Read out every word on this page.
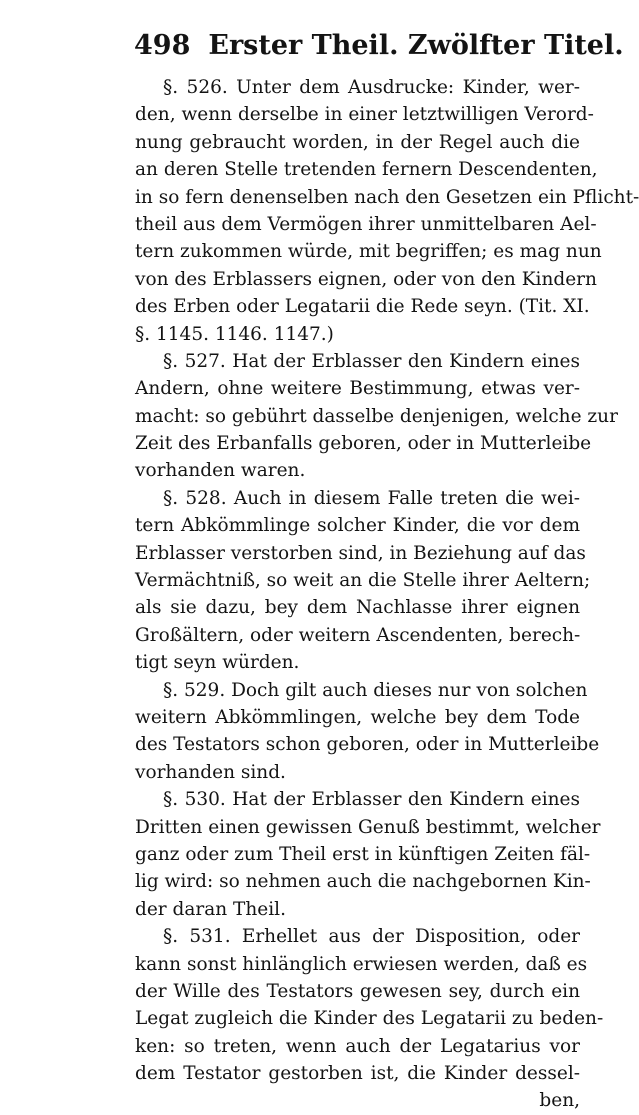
498 Erster Theil. Zwölfter Titel.
§. 526. Unter dem Ausdrucke: Kinder, wer-
den, wenn derselbe in einer letztwilligen Verord-
nung gebraucht worden, in der Regel auch die
an deren Stelle tretenden fernern Descendenten,
in so fern denenselben nach den Gesetzen ein Pflicht-
theil aus dem Vermögen ihrer unmittelbaren Ael-
tern zukommen würde, mit begriffen; es mag nun
von des Erblassers eignen, oder von den Kindern
des Erben oder Legatarii die Rede seyn. (Tit. XI.
§. 1145. 1146. 1147.)
§. 527. Hat der Erblasser den Kindern eines
Andern, ohne weitere Bestimmung, etwas ver-
macht: so gebührt dasselbe denjenigen, welche zur
Zeit des Erbanfalls geboren, oder in Mutterleibe
vorhanden waren.
§. 528. Auch in diesem Falle treten die wei-
tern Abkömmlinge solcher Kinder, die vor dem
Erblasser verstorben sind, in Beziehung auf das
Vermächtniß, so weit an die Stelle ihrer Aeltern;
als sie dazu, bey dem Nachlasse ihrer eignen
Großältern, oder weitern Ascendenten, berech-
tigt seyn würden.
§. 529. Doch gilt auch dieses nur von solchen
weitern Abkömmlingen, welche bey dem Tode
des Testators schon geboren, oder in Mutterleibe
vorhanden sind.
§. 530. Hat der Erblasser den Kindern eines
Dritten einen gewissen Genuß bestimmt, welcher
ganz oder zum Theil erst in künftigen Zeiten fäl-
lig wird: so nehmen auch die nachgebornen Kin-
der daran Theil.
§. 531. Erhellet aus der Disposition, oder
kann sonst hinlänglich erwiesen werden, daß es
der Wille des Testators gewesen sey, durch ein
Legat zugleich die Kinder des Legatarii zu beden-
ken: so treten, wenn auch der Legatarius vor
dem Testator gestorben ist, die Kinder dessel-
ben,
